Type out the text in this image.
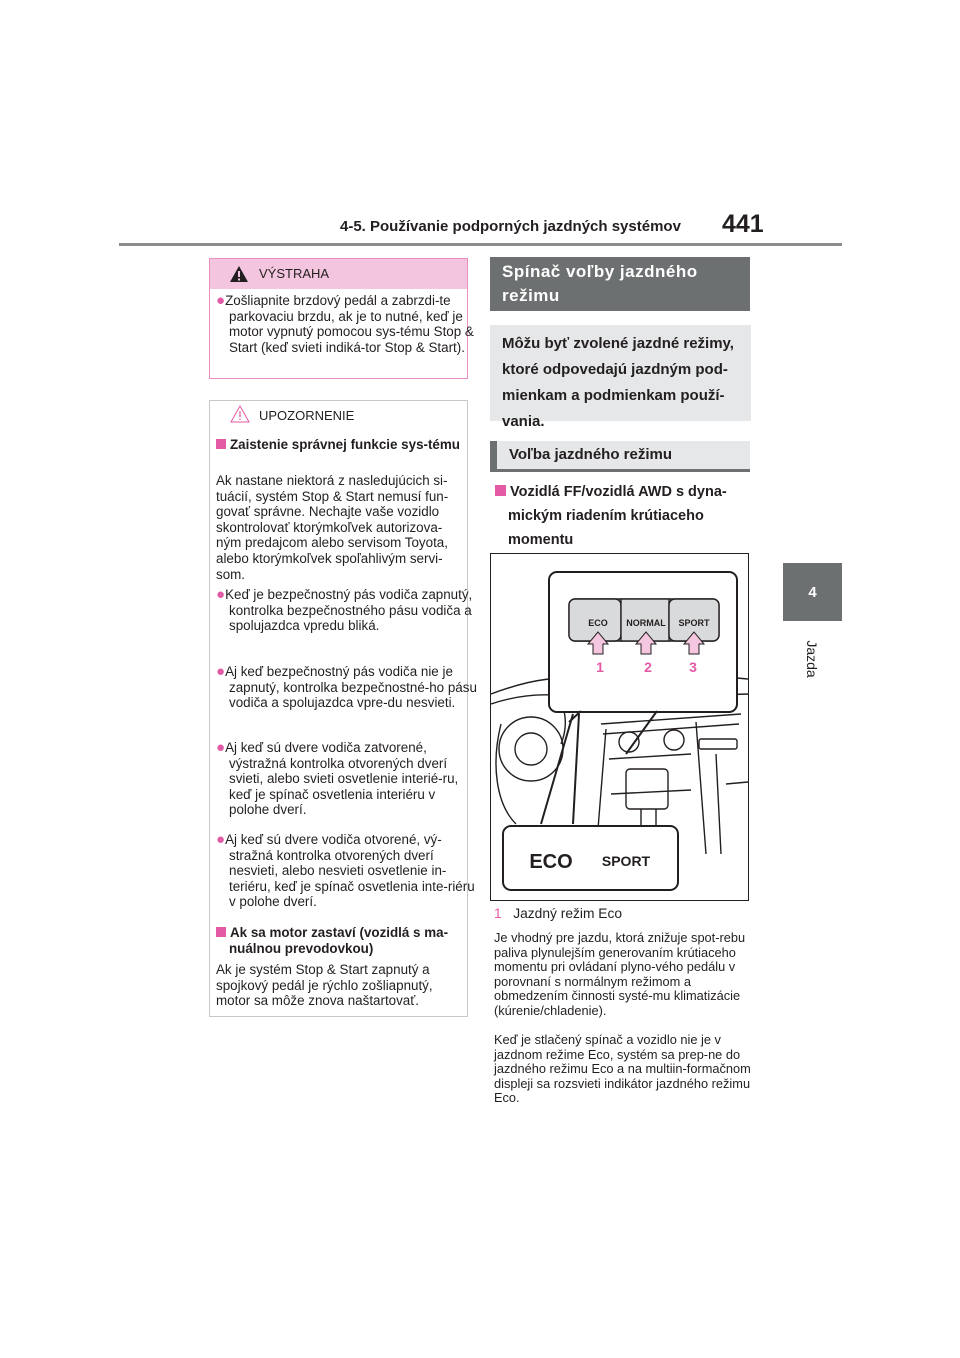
4-5. Používanie podporných jazdných systémov 441
4
Jazda
VÝSTRAHA
●Zošliapnite brzdový pedál a zabrzdi-te parkovaciu brzdu, ak je to nutné, keď je motor vypnutý pomocou sys-tému Stop & Start (keď svieti indiká-tor Stop & Start).
UPOZORNENIE
Zaistenie správnej funkcie sys-tému
Ak nastane niektorá z nasledujúcich si-tuácií, systém Stop & Start nemusí fun-govať správne. Nechajte vaše vozidlo skontrolovať ktorýmkoľvek autorizova-ným predajcom alebo servisom Toyota, alebo ktorýmkoľvek spoľahlivým servi-som.
●Keď je bezpečnostný pás vodiča zapnutý, kontrolka bezpečnostného pásu vodiča a spolujazdca vpredu bliká.
●Aj keď bezpečnostný pás vodiča nie je zapnutý, kontrolka bezpečnostné-ho pásu vodiča a spolujazdca vpre-du nesvieti.
●Aj keď sú dvere vodiča zatvorené, výstražná kontrolka otvorených dverí svieti, alebo svieti osvetlenie interié-ru, keď je spínač osvetlenia interiéru v polohe dverí.
●Aj keď sú dvere vodiča otvorené, vý-stražná kontrolka otvorených dverí nesvieti, alebo nesvieti osvetlenie in-teriéru, keď je spínač osvetlenia inte-riéru v polohe dverí.
Ak sa motor zastaví (vozidlá s ma-nuálnou prevodovkou)
Ak je systém Stop & Start zapnutý a spojkový pedál je rýchlo zošliapnutý, motor sa môže znova naštartovať.
Spínač voľby jazdného režimu
Môžu byť zvolené jazdné režimy, ktoré odpovedajú jazdným pod-mienkam a podmienkam použí-vania.
Voľba jazdného režimu
Vozidlá FF/vozidlá AWD s dyna-mickým riadením krútiaceho momentu
ECO NORMAL SPORT
1	2	3
ECO SPORT
1 Jazdný režim Eco
Je vhodný pre jazdu, ktorá znižuje spot-rebu paliva plynulejším generovaním krútiaceho momentu pri ovládaní plyno-vého pedálu v porovnaní s normálnym režimom a obmedzením činnosti systé-mu klimatizácie (kúrenie/chladenie).
Keď je stlačený spínač a vozidlo nie je v jazdnom režime Eco, systém sa prep-ne do jazdného režimu Eco a na multiin-formačnom displeji sa rozsvieti indikátor jazdného režimu Eco.
